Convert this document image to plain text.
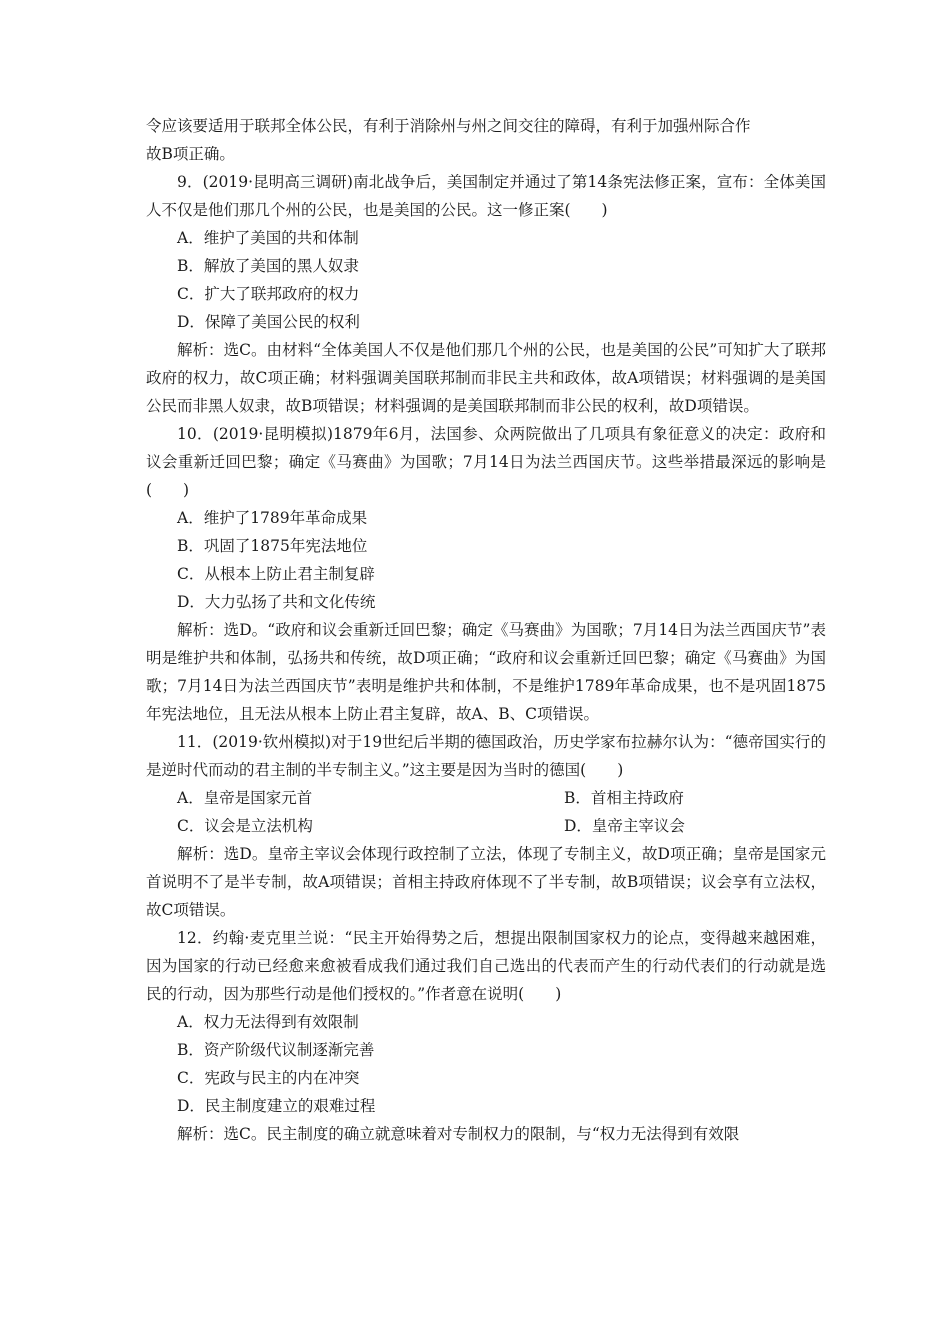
令应该要适用于联邦全体公民，有利于消除州与州之间交往的障碍，有利于加强州际合作

故B项正确。

9．(2019·昆明高三调研)南北战争后，美国制定并通过了第14条宪法修正案，宣布：全体美国人不仅是他们那几个州的公民，也是美国的公民。这一修正案(　　)

A．维护了美国的共和体制

B．解放了美国的黑人奴隶

C．扩大了联邦政府的权力

D．保障了美国公民的权利

解析：选C。由材料“全体美国人不仅是他们那几个州的公民，也是美国的公民”可知扩大了联邦政府的权力，故C项正确；材料强调美国联邦制而非民主共和政体，故A项错误；材料强调的是美国公民而非黑人奴隶，故B项错误；材料强调的是美国联邦制而非公民的权利，故D项错误。

10．(2019·昆明模拟)1879年6月，法国参、众两院做出了几项具有象征意义的决定：政府和议会重新迁回巴黎；确定《马赛曲》为国歌；7月14日为法兰西国庆节。这些举措最深远的影响是(　　)

A．维护了1789年革命成果

B．巩固了1875年宪法地位

C．从根本上防止君主制复辟

D．大力弘扬了共和文化传统

解析：选D。“政府和议会重新迁回巴黎；确定《马赛曲》为国歌；7月14日为法兰西国庆节”表明是维护共和体制，弘扬共和传统，故D项正确；“政府和议会重新迁回巴黎；确定《马赛曲》为国歌；7月14日为法兰西国庆节”表明是维护共和体制，不是维护1789年革命成果，也不是巩固1875年宪法地位，且无法从根本上防止君主复辟，故A、B、C项错误。

11．(2019·钦州模拟)对于19世纪后半期的德国政治，历史学家布拉赫尔认为：“德帝国实行的是逆时代而动的君主制的半专制主义。”这主要是因为当时的德国(　　)

A．皇帝是国家元首	B．首相主持政府
C．议会是立法机构	D．皇帝主宰议会

解析：选D。皇帝主宰议会体现行政控制了立法，体现了专制主义，故D项正确；皇帝是国家元首说明不了是半专制，故A项错误；首相主持政府体现不了半专制，故B项错误；议会享有立法权，故C项错误。

12．约翰·麦克里兰说：“民主开始得势之后，想提出限制国家权力的论点，变得越来越困难，因为国家的行动已经愈来愈被看成我们通过我们自己选出的代表而产生的行动代表们的行动就是选民的行动，因为那些行动是他们授权的。”作者意在说明(　　)

A．权力无法得到有效限制

B．资产阶级代议制逐渐完善

C．宪政与民主的内在冲突

D．民主制度建立的艰难过程

解析：选C。民主制度的确立就意味着对专制权力的限制，与“权力无法得到有效限
